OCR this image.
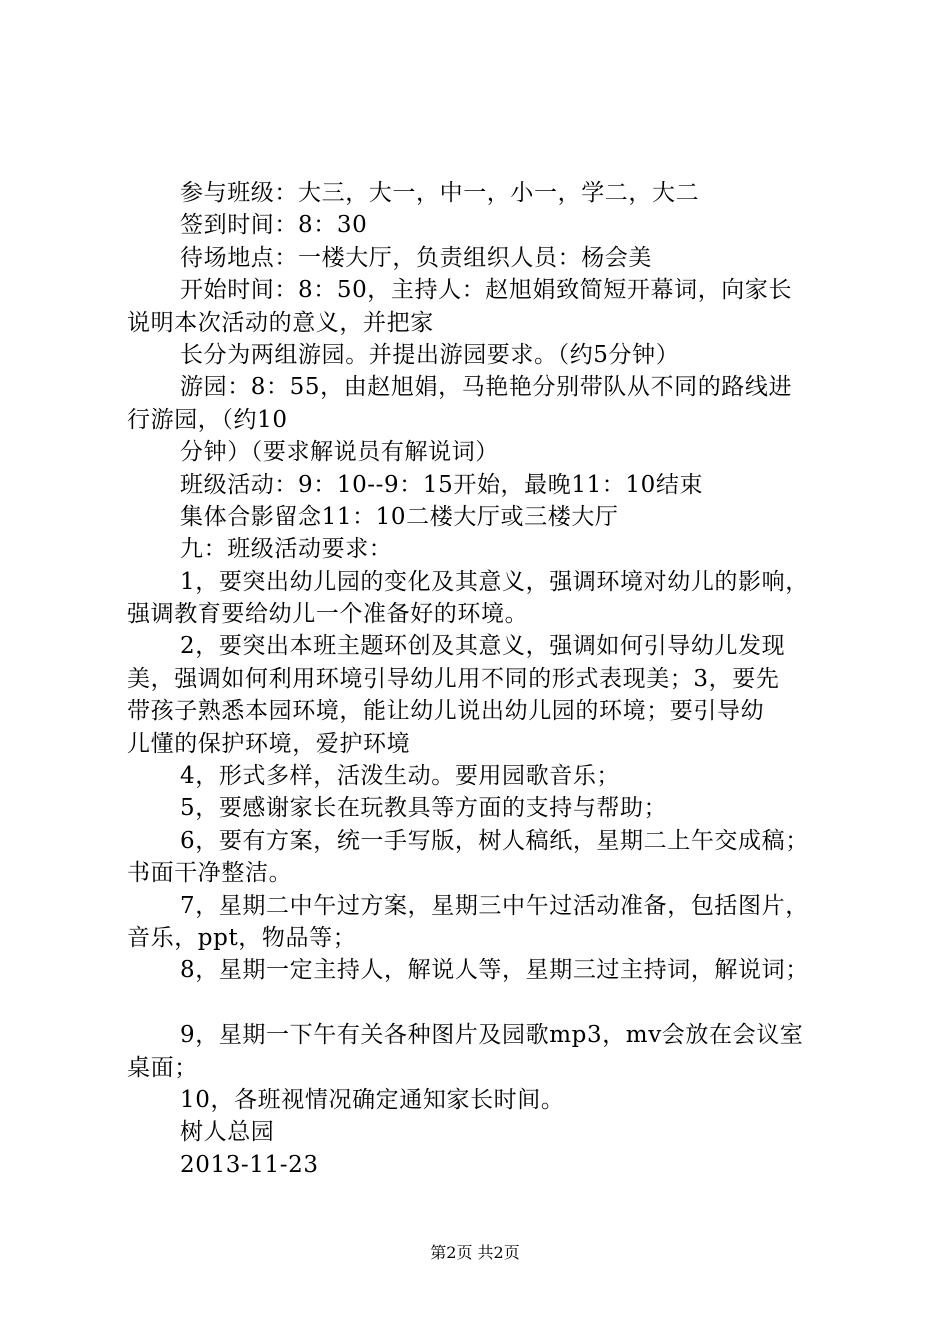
参与班级：大三，大一，中一，小一，学二，大二
签到时间：8：30
待场地点：一楼大厅，负责组织人员：杨会美
开始时间：8：50，主持人：赵旭娟致简短开幕词，向家长
说明本次活动的意义，并把家
长分为两组游园。并提出游园要求。（约5分钟）
游园：8：55，由赵旭娟，马艳艳分别带队从不同的路线进
行游园，（约10
分钟）（要求解说员有解说词）
班级活动：9：10--9：15开始，最晚11：10结束
集体合影留念11：10二楼大厅或三楼大厅
九：班级活动要求：
1，要突出幼儿园的变化及其意义，强调环境对幼儿的影响，
强调教育要给幼儿一个准备好的环境。
2，要突出本班主题环创及其意义，强调如何引导幼儿发现
美，强调如何利用环境引导幼儿用不同的形式表现美；3，要先
带孩子熟悉本园环境，能让幼儿说出幼儿园的环境；要引导幼
儿懂的保护环境，爱护环境
4，形式多样，活泼生动。要用园歌音乐；
5，要感谢家长在玩教具等方面的支持与帮助；
6，要有方案，统一手写版，树人稿纸，星期二上午交成稿；
书面干净整洁。
7，星期二中午过方案，星期三中午过活动准备，包括图片，
音乐，ppt，物品等；
8，星期一定主持人，解说人等，星期三过主持词，解说词；
9，星期一下午有关各种图片及园歌mp3，mv会放在会议室
桌面；
10，各班视情况确定通知家长时间。
树人总园
2013-11-23
第2页 共2页
